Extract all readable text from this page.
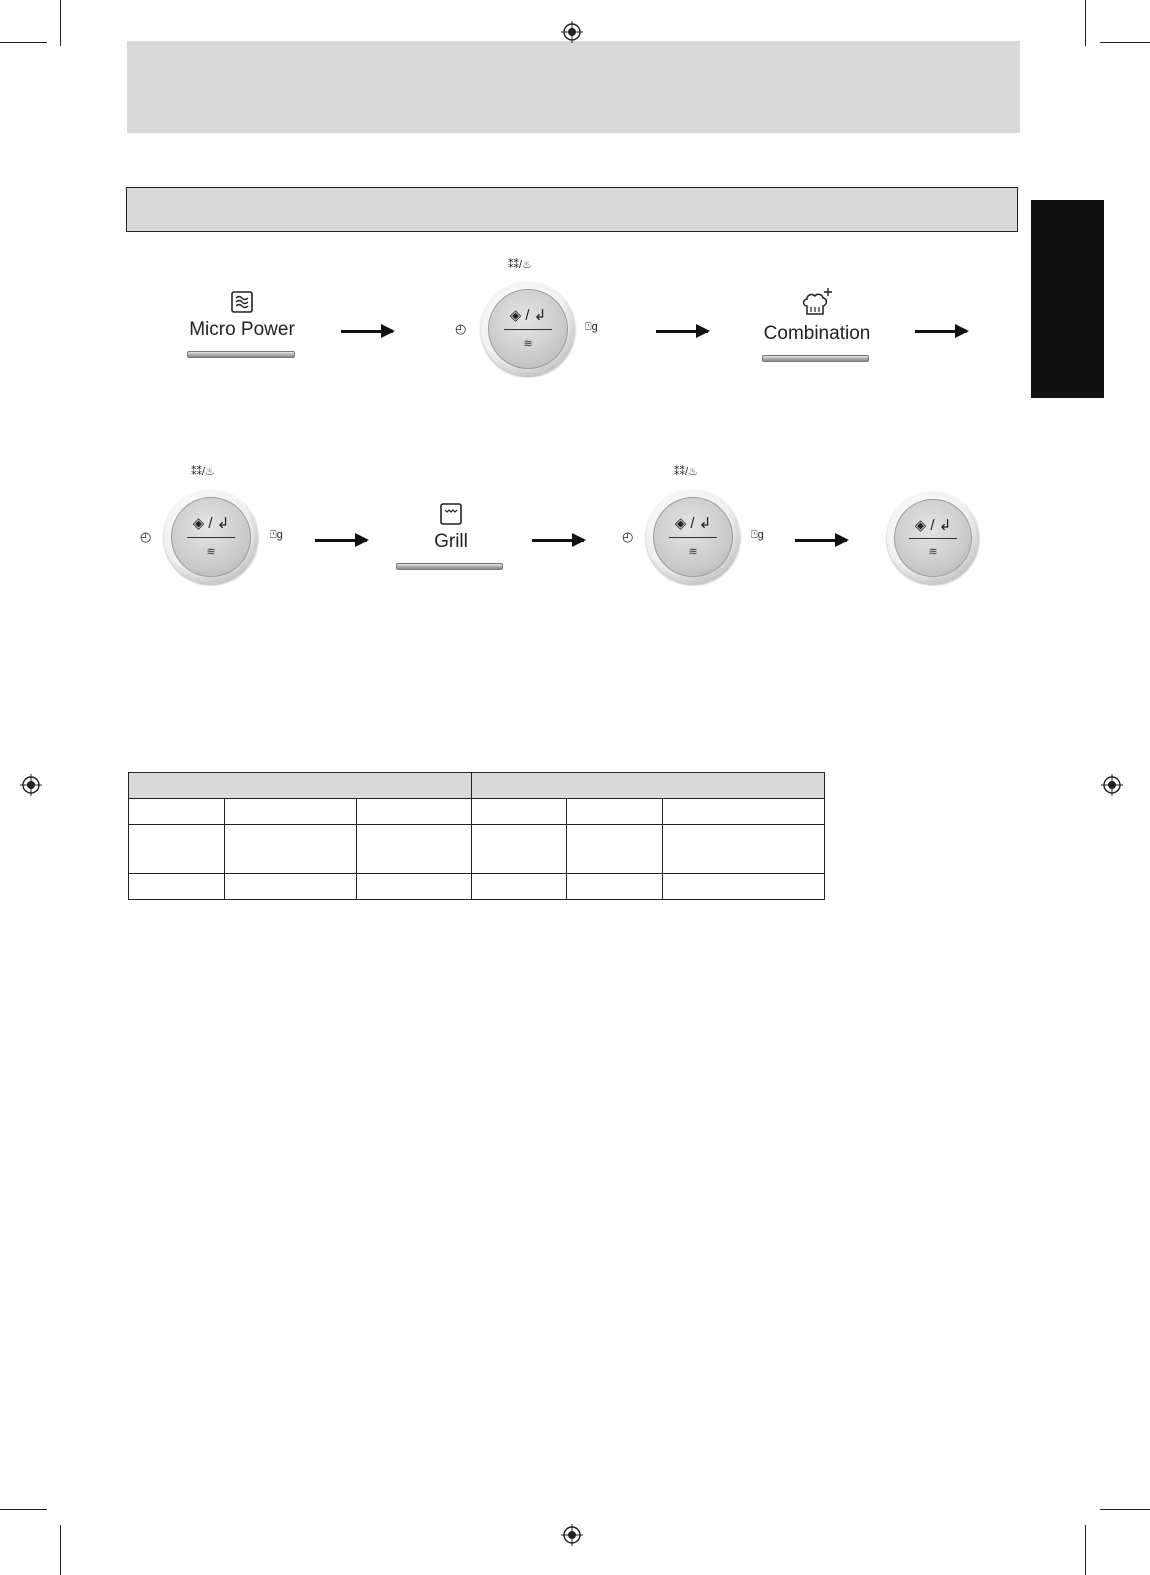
Micro Power
⁑⁑/♨
◴	⍞g
◈ / ↲
≋	Combination
⁑⁑/♨
◴	⍞g
◈ / ↲
≋	Grill
⁑⁑/♨
◴	⍞g
◈ / ↲
≋
◈ / ↲
≋
